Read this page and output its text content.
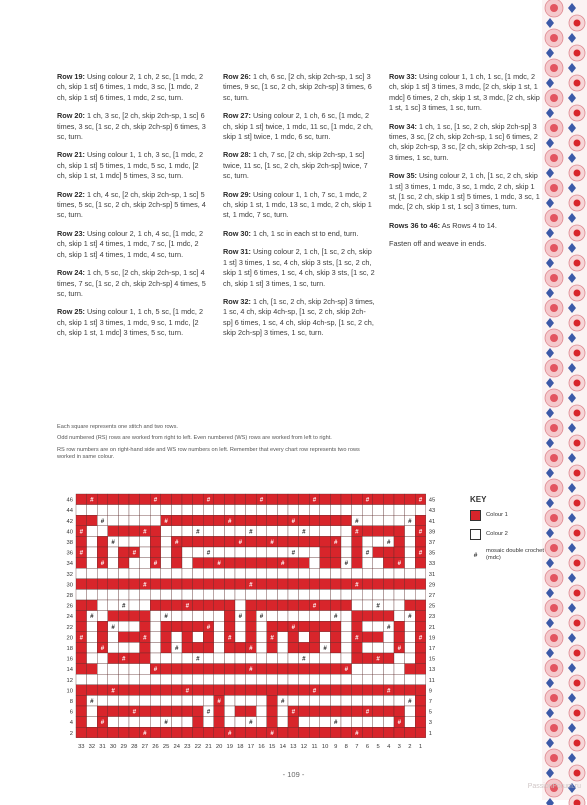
Row 19: Using colour 2, 1 ch, 2 sc, [1 mdc, 2 ch, skip 1 st] 6 times, 1 mdc, 3 sc, [1 mdc, 2 ch, skip 1 st] 6 times, 1 mdc, 2 sc, turn.

Row 20: 1 ch, 3 sc, [2 ch, skip 2ch-sp, 1 sc] 6 times, 3 sc, [1 sc, 2 ch, skip 2ch-sp] 6 times, 3 sc, turn.

Row 21: Using colour 1, 1 ch, 3 sc, [1 mdc, 2 ch, skip 1 st] 5 times, 1 mdc, 5 sc, 1 mdc, [2 ch, skip 1 st, 1 mdc] 5 times, 3 sc, turn.

Row 22: 1 ch, 4 sc, [2 ch, skip 2ch-sp, 1 sc] 5 times, 5 sc, [1 sc, 2 ch, skip 2ch-sp] 5 times, 4 sc, turn.

Row 23: Using colour 2, 1 ch, 4 sc, [1 mdc, 2 ch, skip 1 st] 4 times, 1 mdc, 7 sc, [1 mdc, 2 ch, skip 1 st] 4 times, 1 mdc, 4 sc, turn.

Row 24: 1 ch, 5 sc, [2 ch, skip 2ch-sp, 1 sc] 4 times, 7 sc, [1 sc, 2 ch, skip 2ch-sp] 4 times, 5 sc, turn.

Row 25: Using colour 1, 1 ch, 5 sc, [1 mdc, 2 ch, skip 1 st] 3 times, 1 mdc, 9 sc, 1 mdc, [2 ch, skip 1 st, 1 mdc] 3 times, 5 sc, turn.

Row 26: 1 ch, 6 sc, [2 ch, skip 2ch-sp, 1 sc] 3 times, 9 sc, [1 sc, 2 ch, skip 2ch-sp] 3 times, 6 sc, turn.

Row 27: Using colour 2, 1 ch, 6 sc, [1 mdc, 2 ch, skip 1 st] twice, 1 mdc, 11 sc, [1 mdc, 2 ch, skip 1 st] twice, 1 mdc, 6 sc, turn.

Row 28: 1 ch, 7 sc, [2 ch, skip 2ch-sp, 1 sc] twice, 11 sc, [1 sc, 2 ch, skip 2ch-sp] twice, 7 sc, turn.

Row 29: Using colour 1, 1 ch, 7 sc, 1 mdc, 2 ch, skip 1 st, 1 mdc, 13 sc, 1 mdc, 2 ch, skip 1 st, 1 mdc, 7 sc, turn.

Row 30: 1 ch, 1 sc in each st to end, turn.

Row 31: Using colour 2, 1 ch, [1 sc, 2 ch, skip 1 st] 3 times, 1 sc, 4 ch, skip 3 sts, [1 sc, 2 ch, skip 1 st] 6 times, 1 sc, 4 ch, skip 3 sts, [1 sc, 2 ch, skip 1 st] 3 times, 1 sc, turn.

Row 32: 1 ch, [1 sc, 2 ch, skip 2ch-sp] 3 times, 1 sc, 4 ch, skip 4ch-sp, [1 sc, 2 ch, skip 2ch-sp] 6 times, 1 sc, 4 ch, skip 4ch-sp, [1 sc, 2 ch, skip 2ch-sp] 3 times, 1 sc, turn.

Row 33: Using colour 1, 1 ch, 1 sc, [1 mdc, 2 ch, skip 1 st] 3 times, 3 mdc, [2 ch, skip 1 st, 1 mdc] 6 times, 2 ch, skip 1 st, 3 mdc, [2 ch, skip 1 st, 1 sc] 3 times, 1 sc, turn.

Row 34: 1 ch, 1 sc, [1 sc, 2 ch, skip 2ch-sp] 3 times, 3 sc, [2 ch, skip 2ch-sp, 1 sc] 6 times, 2 ch, skip 2ch-sp, 3 sc, [2 ch, skip 2ch-sp, 1 sc] 3 times, 1 sc, turn.

Row 35: Using colour 2, 1 ch, [1 sc, 2 ch, skip 1 st] 3 times, 1 mdc, 3 sc, 1 mdc, 2 ch, skip 1 st, [1 sc, 2 ch, skip 1 st] 5 times, 1 mdc, 3 sc, 1 mdc, [2 ch, skip 1 st, 1 sc] 3 times, turn.

Rows 36 to 46: As Rows 4 to 14.

Fasten off and weave in ends.

Each square represents one stitch and two rows.

Odd numbered (RS) rows are worked from right to left. Even numbered (WS) rows are worked from left to right.

RS row numbers are on right-hand side and WS row numbers on left. Remember that every chart row represents two rows worked in same colour.

#	#	#	#	#	#	#
#	#	#	#	#	#
#	#	#	#	#	#	#
#	#	#	#	#	#
#	#	#	#	#	#
#	#	#	#	#	#
#	#	#
#	#	#	#
#	#	#	#	#	#
#	#	#	#
#	#	#	#	#	#
#	#	#	#	#
#	#	#	#
#	#	#
#	#	#	#
#	#	#	#
#	#	#	#
#	#	#	#	#
#	#	#	#
46
44
42
40
38
36
34
32
30
28
26
24
22
20
18
16
14
12
10
8
6
4
2
45
43
41
39
37
35
33
31
29
27
25
23
21
19
17
15
13
11
9
7
5
3
1
33 32 31 30 29 28 27 26 25 24 23 22 21 20 19 18 17 16 15 14 13 12 11 10 9 8 7 6 5 4 3 2 1
KEY
Colour 1
Colour 2
#
mosaic double crochet (mdc)
- 109 -
PassionForum.ru
